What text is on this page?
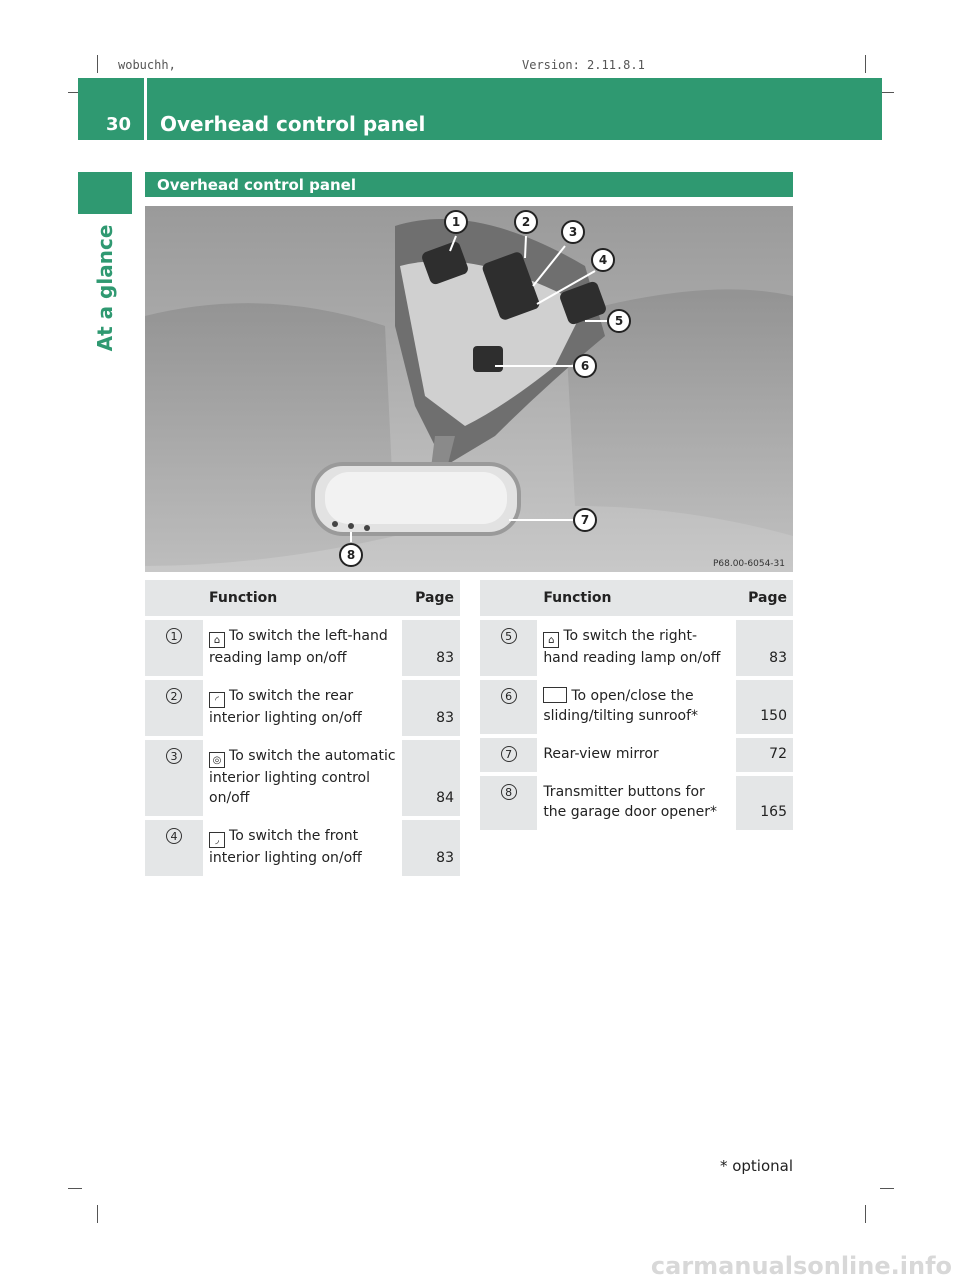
wobuchh,	Version: 2.11.8.1
30 Overhead control panel
At a glance
Overhead control panel
1	2
3
4
5
6
7
8
P68.00-6054-31
	Function	Page
1	⌂ To switch the left-hand reading lamp on/off	83
2	◜ To switch the rear interior lighting on/off	83
3	◎ To switch the automatic interior lighting control on/off	84
4	◞ To switch the front interior lighting on/off	83
	Function	Page
5	⌂ To switch the right-hand reading lamp on/off	83
6	To open/close the sliding/tilting sunroof*	150
7	Rear-view mirror	72
8	Transmitter buttons for the garage door opener*	165
* optional
carmanualsonline.info
